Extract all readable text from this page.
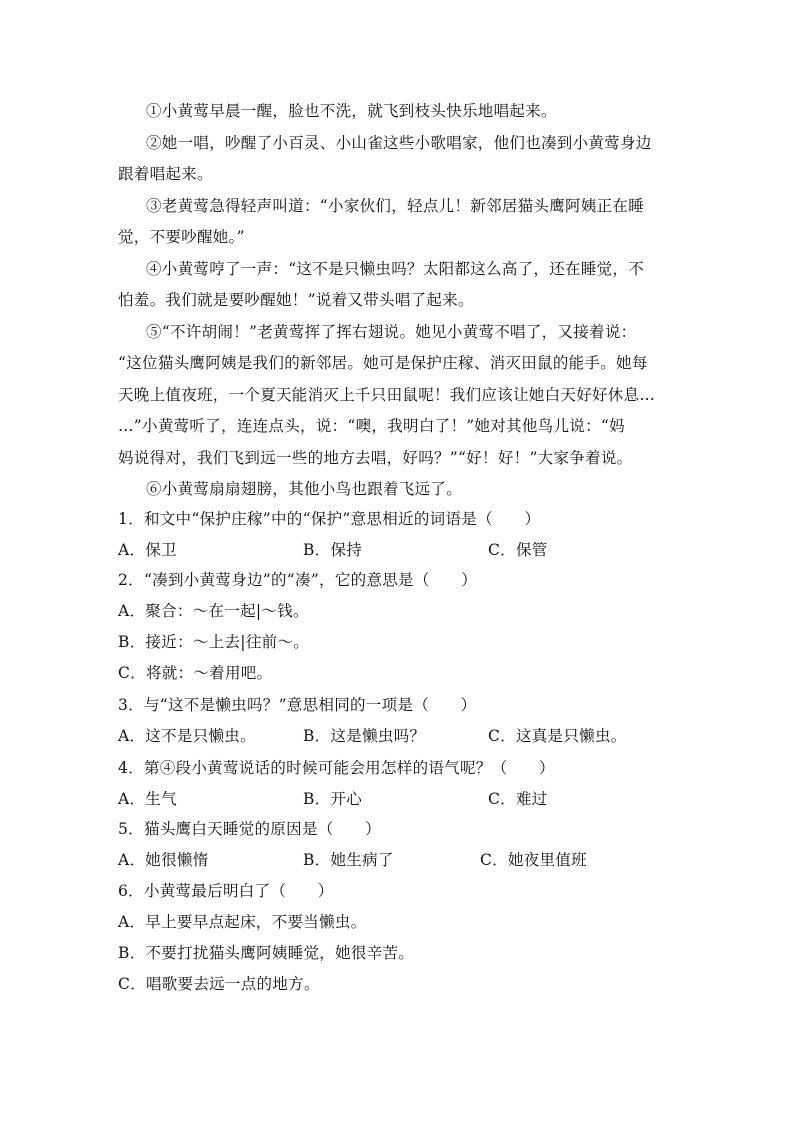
①小黄莺早晨一醒，脸也不洗，就飞到枝头快乐地唱起来。
②她一唱，吵醒了小百灵、小山雀这些小歌唱家，他们也凑到小黄莺身边
跟着唱起来。
③老黄莺急得轻声叫道：“小家伙们，轻点儿！新邻居猫头鹰阿姨正在睡
觉，不要吵醒她。”
④小黄莺哼了一声：“这不是只懒虫吗？太阳都这么高了，还在睡觉，不
怕羞。我们就是要吵醒她！”说着又带头唱了起来。
⑤“不许胡闹！”老黄莺挥了挥右翅说。她见小黄莺不唱了，又接着说：
“这位猫头鹰阿姨是我们的新邻居。她可是保护庄稼、消灭田鼠的能手。她每
天晚上值夜班，一个夏天能消灭上千只田鼠呢！我们应该让她白天好好休息…
…”小黄莺听了，连连点头，说：“噢，我明白了！”她对其他鸟儿说：“妈
妈说得对，我们飞到远一些的地方去唱，好吗？”“好！好！”大家争着说。
⑥小黄莺扇扇翅膀，其他小鸟也跟着飞远了。
1．和文中“保护庄稼”中的“保护”意思相近的词语是（　　）
A．保卫	B．保持	C．保管
2．“凑到小黄莺身边”的“凑”，它的意思是（　　）
A．聚合：～在一起|～钱。
B．接近：～上去|往前～。
C．将就：～着用吧。
3．与“这不是懒虫吗？”意思相同的一项是（　　）
A．这不是只懒虫。	B．这是懒虫吗？	C．这真是只懒虫。
4．第④段小黄莺说话的时候可能会用怎样的语气呢？（　　）
A．生气	B．开心	C．难过
5．猫头鹰白天睡觉的原因是（　　）
A．她很懒惰	B．她生病了	C．她夜里值班
6．小黄莺最后明白了（　　）
A．早上要早点起床，不要当懒虫。
B．不要打扰猫头鹰阿姨睡觉，她很辛苦。
C．唱歌要去远一点的地方。
